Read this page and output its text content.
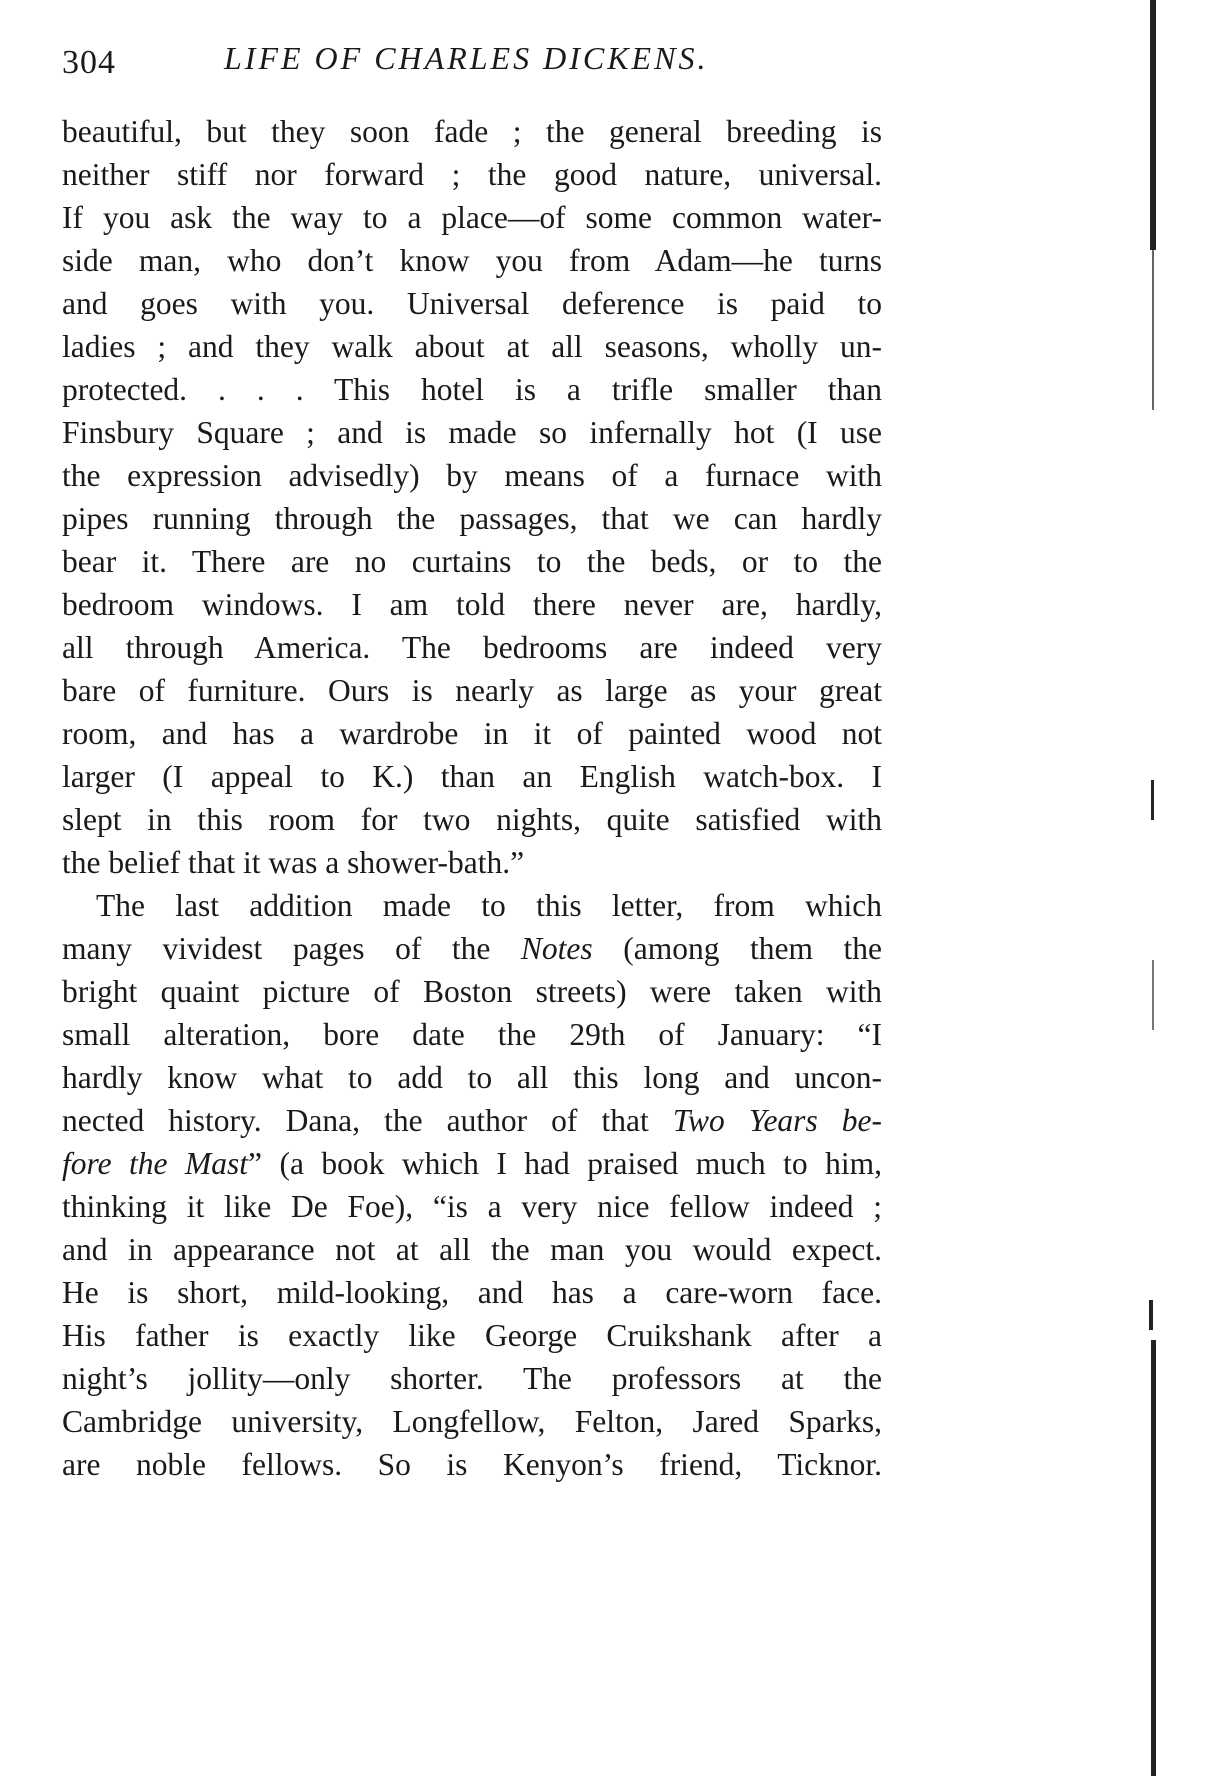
304	LIFE OF CHARLES DICKENS.
beautiful, but they soon fade ; the general breeding is
neither stiff nor forward ; the good nature, universal.
If you ask the way to a place—of some common water-
side man, who don’t know you from Adam—he turns
and goes with you. Universal deference is paid to
ladies ; and they walk about at all seasons, wholly un-
protected. . . . This hotel is a trifle smaller than
Finsbury Square ; and is made so infernally hot (I use
the expression advisedly) by means of a furnace with
pipes running through the passages, that we can hardly
bear it. There are no curtains to the beds, or to the
bedroom windows. I am told there never are, hardly,
all through America. The bedrooms are indeed very
bare of furniture. Ours is nearly as large as your great
room, and has a wardrobe in it of painted wood not
larger (I appeal to K.) than an English watch-box. I
slept in this room for two nights, quite satisfied with
the belief that it was a shower-bath.”
The last addition made to this letter, from which
many vividest pages of the Notes (among them the
bright quaint picture of Boston streets) were taken with
small alteration, bore date the 29th of January: “I
hardly know what to add to all this long and uncon-
nected history. Dana, the author of that Two Years be-
fore the Mast” (a book which I had praised much to him,
thinking it like De Foe), “is a very nice fellow indeed ;
and in appearance not at all the man you would expect.
He is short, mild-looking, and has a care-worn face.
His father is exactly like George Cruikshank after a
night’s jollity—only shorter. The professors at the
Cambridge university, Longfellow, Felton, Jared Sparks,
are noble fellows. So is Kenyon’s friend, Ticknor.
